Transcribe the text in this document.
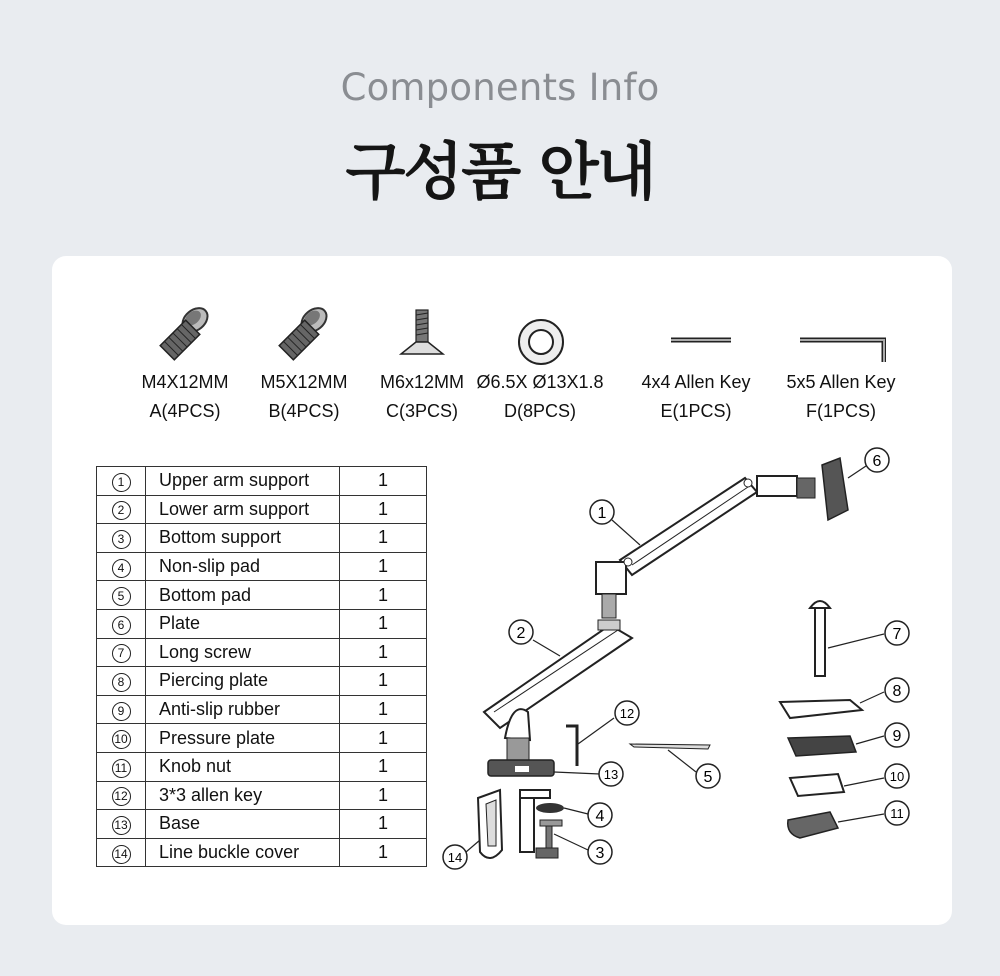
Components Info
구성품 안내
M4X12MM
A(4PCS)
M5X12MM
B(4PCS)
M6x12MM
C(3PCS)
Ø6.5X Ø13X1.8
D(8PCS)
4x4 Allen Key
E(1PCS)
5x5 Allen Key
F(1PCS)
1	Upper arm support	1
2	Lower arm support	1
3	Bottom support	1
4	Non-slip pad	1
5	Bottom pad	1
6	Plate	1
7	Long screw	1
8	Piercing plate	1
9	Anti-slip rubber	1
10	Pressure plate	1
11	Knob nut	1
12	3*3 allen key	1
13	Base	1
14	Line buckle cover	1
1
2
3
4
5
6
7
8
9
10
11
12
13
14
